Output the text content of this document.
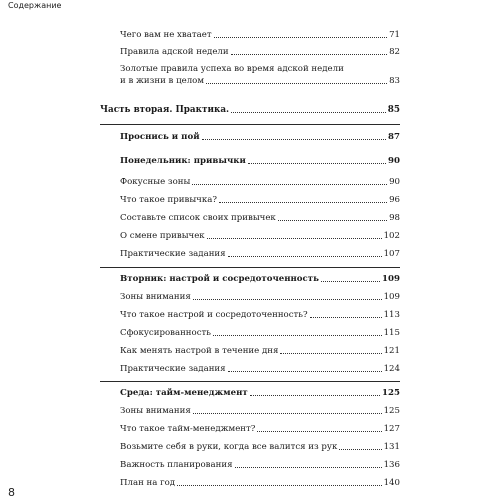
Содержание
Чего вам не хватает	71
Правила адской недели	82
Золотые правила успеха во время адской недели
и в жизни в целом	83
Часть вторая. Практика.	85
Проснись и пой	87
Понедельник: привычки	90
Фокусные зоны	90
Что такое привычка?	96
Составьте список своих привычек	98
О смене привычек	102
Практические задания	107
Вторник: настрой и сосредоточенность	109
Зоны внимания	109
Что такое настрой и сосредоточенность?	113
Сфокусированность	115
Как менять настрой в течение дня	121
Практические задания	124
Среда: тайм-менеджмент	125
Зоны внимания	125
Что такое тайм-менеджмент?	127
Возьмите себя в руки, когда все валится из рук	131
Важность планирования	136
План на год	140
8
